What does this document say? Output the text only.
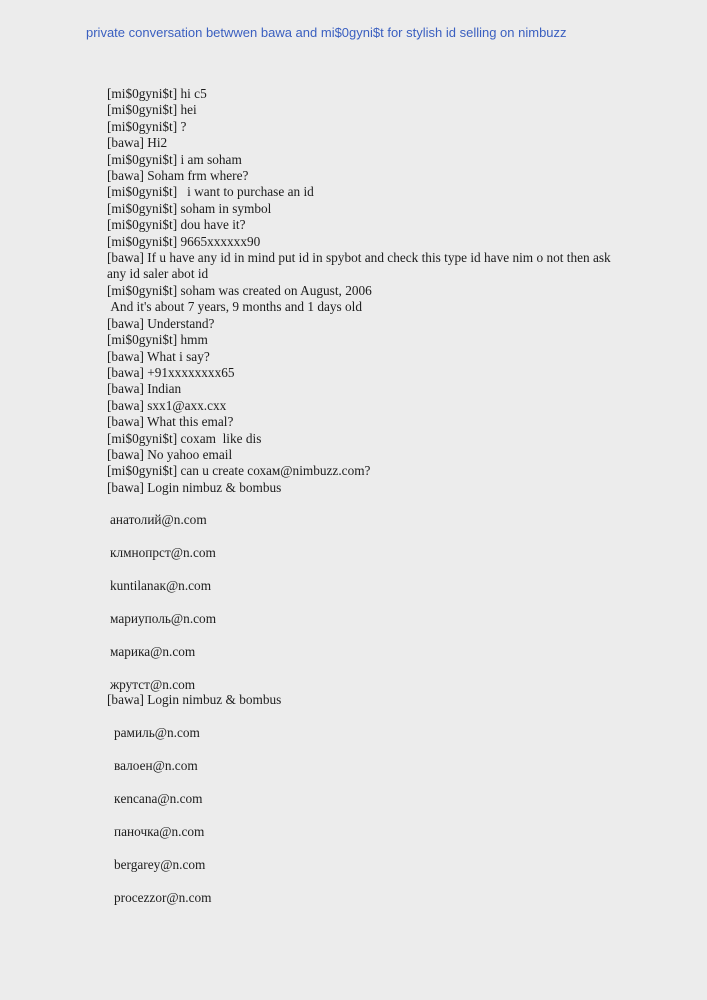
private conversation betwwen bawa and mi$0gyni$t for stylish id selling on nimbuzz

[mi$0gyni$t] hi c5

[mi$0gyni$t] hei

[mi$0gyni$t] ?

[bawa] Hi2

[mi$0gyni$t] i am soham

[bawa] Soham frm where?

[mi$0gyni$t]   i want to purchase an id

[mi$0gyni$t] soham in symbol

[mi$0gyni$t] dou have it?

[mi$0gyni$t] 9665xxxxxx90

[bawa] If u have any id in mind put id in spybot and check this type id have nim o not then ask any id saler abot id

[mi$0gyni$t] soham was created on August, 2006

And it's about 7 years, 9 months and 1 days old

[bawa] Understand?

[mi$0gyni$t] hmm

[bawa] What i say?

[bawa] +91xxxxxxxx65

[bawa] Indian

[bawa] sxx1@axx.cxx

[bawa] What this emal?

[mi$0gyni$t] coxam  like dis

[bawa] No yahoo email

[mi$0gyni$t] can u create сохам@nimbuzz.com?

[bawa] Login nimbuz & bombus

анатолий@n.com
клмнопрст@n.com
kuntilanак@n.com
мариуполь@n.com
марика@n.com
жрутст@n.com
[bawa] Login nimbuz & bombus
рамиль@n.com
валоен@n.com
кencana@n.com
паночка@n.com
bergarey@n.com
procezzor@n.com
